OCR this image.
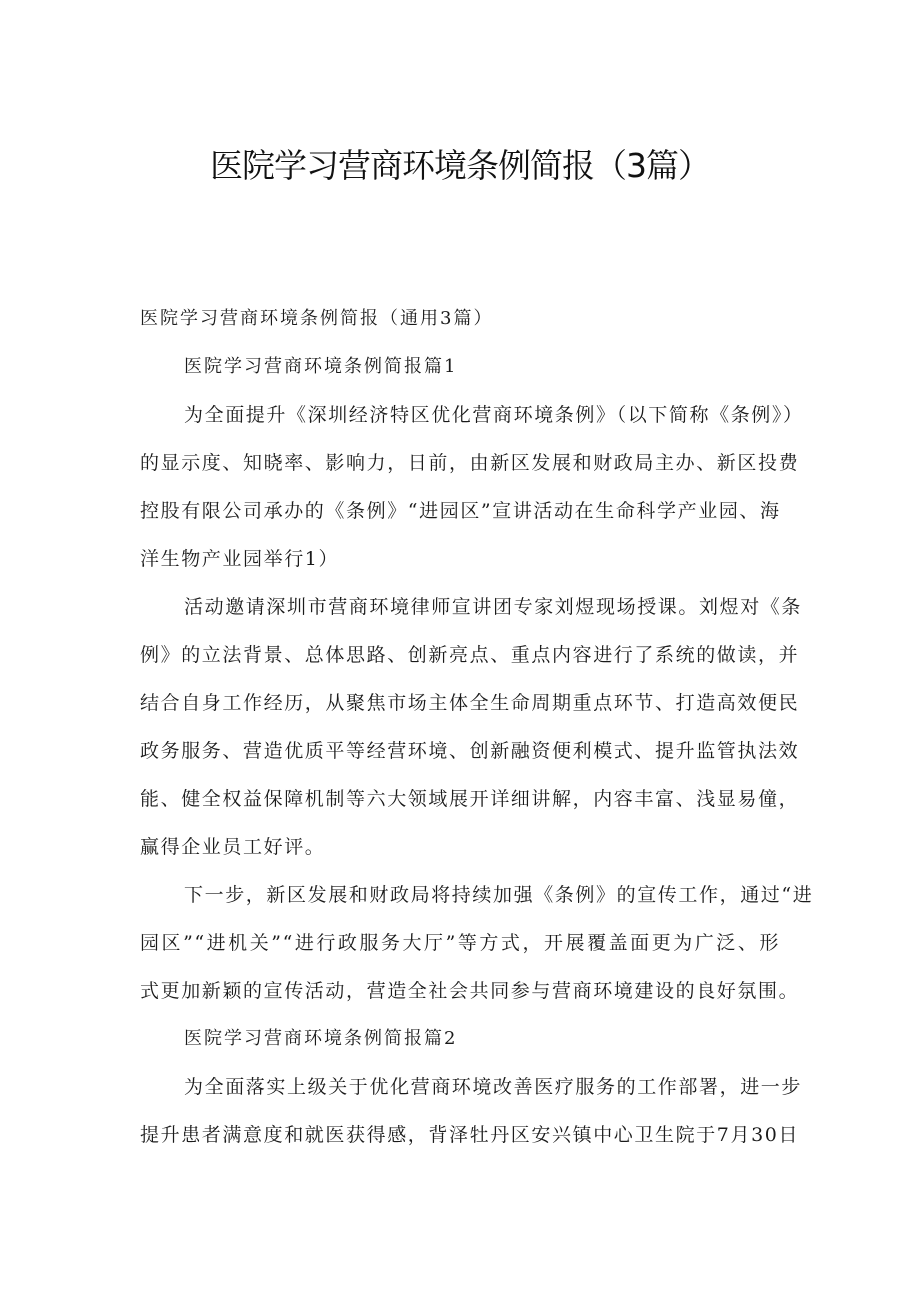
医院学习营商环境条例简报（3篇）

医院学习营商环境条例简报（通用3篇）

医院学习营商环境条例简报篇1

为全面提升《深圳经济特区优化营商环境条例》（以下简称《条例》）

的显示度、知晓率、影响力，日前，由新区发展和财政局主办、新区投费

控股有限公司承办的《条例》“进园区”宣讲活动在生命科学产业园、海

洋生物产业园举行1）

活动邀请深圳市营商环境律师宣讲团专家刘煜现场授课。刘煜对《条

例》的立法背景、总体思路、创新亮点、重点内容进行了系统的做读，并

结合自身工作经历，从聚焦市场主体全生命周期重点环节、打造高效便民

政务服务、营造优质平等经营环境、创新融资便利模式、提升监管执法效

能、健全权益保障机制等六大领域展开详细讲解，内容丰富、浅显易僮，

赢得企业员工好评。

下一步，新区发展和财政局将持续加强《条例》的宣传工作，通过“进

园区”“进机关”“进行政服务大厅”等方式，开展覆盖面更为广泛、形

式更加新颖的宣传活动，营造全社会共同参与营商环境建设的良好氛围。

医院学习营商环境条例简报篇2

为全面落实上级关于优化营商环境改善医疗服务的工作部署，进一步

提升患者满意度和就医获得感，背泽牡丹区安兴镇中心卫生院于7月30日
